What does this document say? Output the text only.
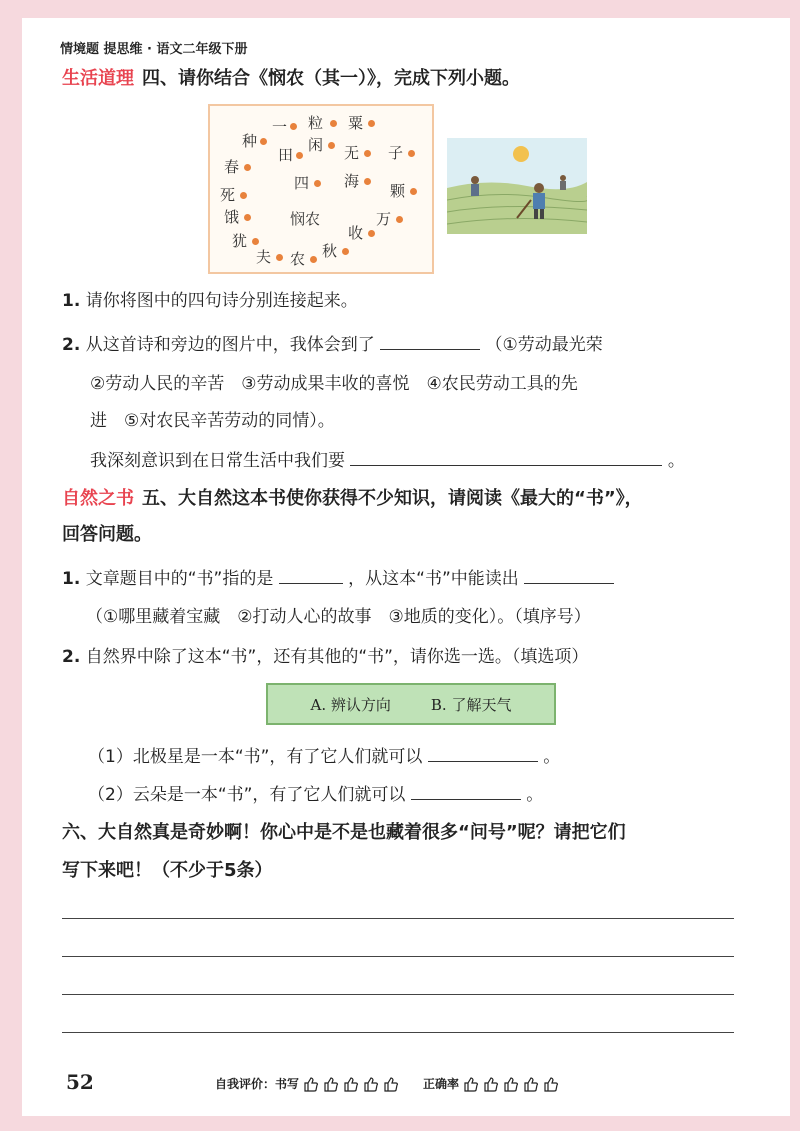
情境题 提思维 · 语文二年级下册
生活道理 四、请你结合《悯农（其一）》，完成下列小题。
一 粒 粟
种	闲	子
田	无
春
四 海
颗
死
饿	悯农	万
犹	收
夫 农 秋
1. 请你将图中的四句诗分别连接起来。
2. 从这首诗和旁边的图片中，我体会到了	（①劳动最光荣
②劳动人民的辛苦　③劳动成果丰收的喜悦　④农民劳动工具的先
进　⑤对农民辛苦劳动的同情）。
我深刻意识到在日常生活中我们要	。
自然之书 五、大自然这本书使你获得不少知识，请阅读《最大的“书”》，
回答问题。
1. 文章题目中的“书”指的是	，从这本“书”中能读出
（①哪里藏着宝藏　②打动人心的故事　③地质的变化）。（填序号）
2. 自然界中除了这本“书”，还有其他的“书”，请你选一选。（填选项）
A. 辨认方向	B. 了解天气
（1）北极星是一本“书”，有了它人们就可以	。
（2）云朵是一本“书”，有了它人们就可以	。
六、大自然真是奇妙啊！你心中是不是也藏着很多“问号”呢？请把它们
写下来吧！（不少于5条）
52	自我评价：书写	正确率
